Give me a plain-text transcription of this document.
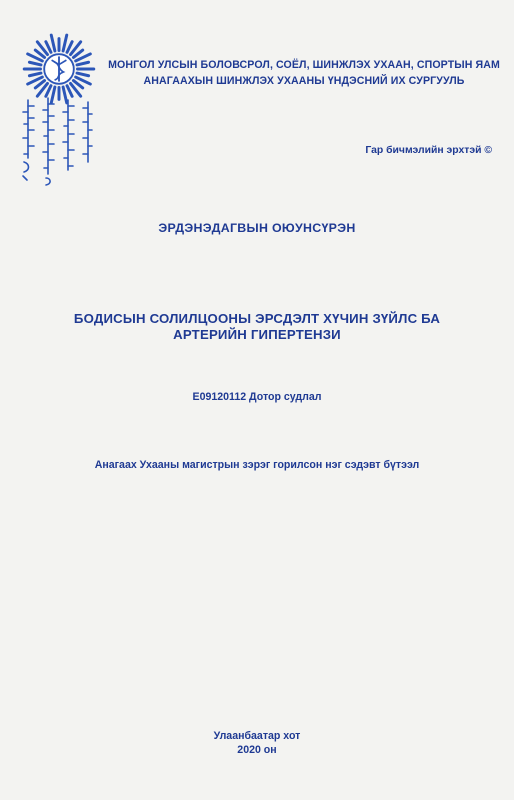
МОНГОЛ УЛСЫН БОЛОВСРОЛ, СОЁЛ, ШИНЖЛЭХ УХААН, СПОРТЫН ЯАМ
АНАГААХЫН ШИНЖЛЭХ УХААНЫ ҮНДЭСНИЙ ИХ СУРГУУЛЬ
Гар бичмэлийн эрхтэй ©
ЭРДЭНЭДАГВЫН ОЮУНСҮРЭН
БОДИСЫН СОЛИЛЦООНЫ ЭРСДЭЛТ ХҮЧИН ЗҮЙЛС БА
АРТЕРИЙН ГИПЕРТЕНЗИ
Е09120112 Дотор судлал
Анагаах Ухааны магистрын зэрэг горилсон нэг сэдэвт бүтээл
Улаанбаатар хот
2020 он
